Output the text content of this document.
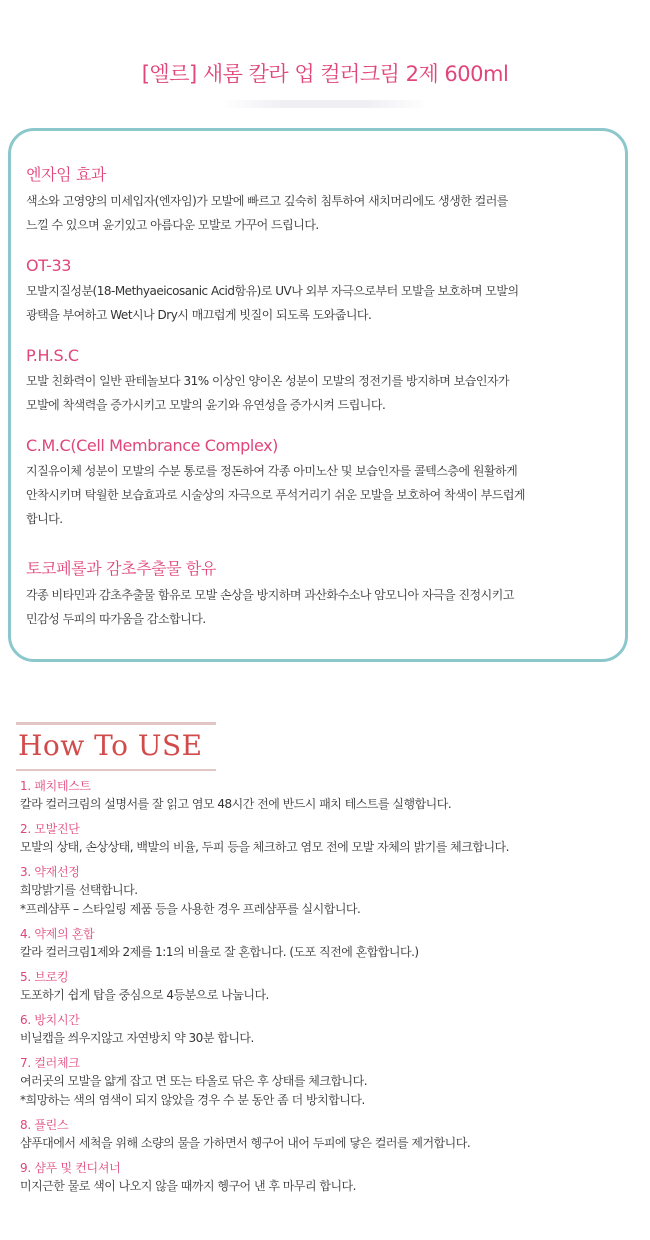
[엘르] 새롬 칼라 업 컬러크림 2제 600ml
엔자임 효과

색소와 고영양의 미세입자(엔자임)가 모발에 빠르고 깊숙히 침투하여 새치머리에도 생생한 컬러를
느낄 수 있으며 윤기있고 아름다운 모발로 가꾸어 드립니다.

OT-33

모발지질성분(18-Methyaeicosanic Acid함유)로 UV나 외부 자극으로부터 모발을 보호하며 모발의
광택을 부여하고 Wet시나 Dry시 매끄럽게 빗질이 되도록 도와줍니다.

P.H.S.C

모발 친화력이 일반 판테놀보다 31% 이상인 양이온 성분이 모발의 정전기를 방지하며 보습인자가
모발에 착색력을 증가시키고 모발의 윤기와 유연성을 증가시켜 드립니다.

C.M.C(Cell Membrance Complex)

지질유이체 성분이 모발의 수분 통로를 정돈하여 각종 아미노산 및 보습인자를 콜텍스층에 원활하게
안착시키며 탁월한 보습효과로 시술상의 자극으로 푸석거리기 쉬운 모발을 보호하여 착색이 부드럽게
합니다.

토코페롤과 감초추출물 함유

각종 비타민과 감초추출물 함유로 모발 손상을 방지하며 과산화수소나 암모니아 자극을 진정시키고
민감성 두피의 따가움을 감소합니다.

How To USE
1. 패치테스트

칼라 컬러크림의 설명서를 잘 읽고 염모 48시간 전에 반드시 패치 테스트를 실행합니다.

2. 모발진단

모발의 상태, 손상상태, 백발의 비율, 두피 등을 체크하고 염모 전에 모발 자체의 밝기를 체크합니다.

3. 약재선정

희망밝기를 선택합니다.

*프레샴푸 – 스타일링 제품 등을 사용한 경우 프레샴푸를 실시합니다.

4. 약제의 혼합

칼라 컬러크림1제와 2제를 1:1의 비율로 잘 혼합니다. (도포 직전에 혼합합니다.)

5. 브로킹

도포하기 쉽게 탑을 중심으로 4등분으로 나눕니다.

6. 방치시간

비닐캡을 씌우지않고 자연방치 약 30분 합니다.

7. 컬러체크

여러곳의 모발을 얇게 잡고 면 또는 타올로 닦은 후 상태를 체크합니다.

*희망하는 색의 염색이 되지 않았을 경우 수 분 동안 좀 더 방치합니다.

8. 플린스

샴푸대에서 세척을 위해 소량의 물을 가하면서 헹구어 내어 두피에 닿은 컬러를 제거합니다.

9. 샴푸 및 컨디셔너

미지근한 물로 색이 나오지 않을 때까지 헹구어 낸 후 마무리 합니다.
